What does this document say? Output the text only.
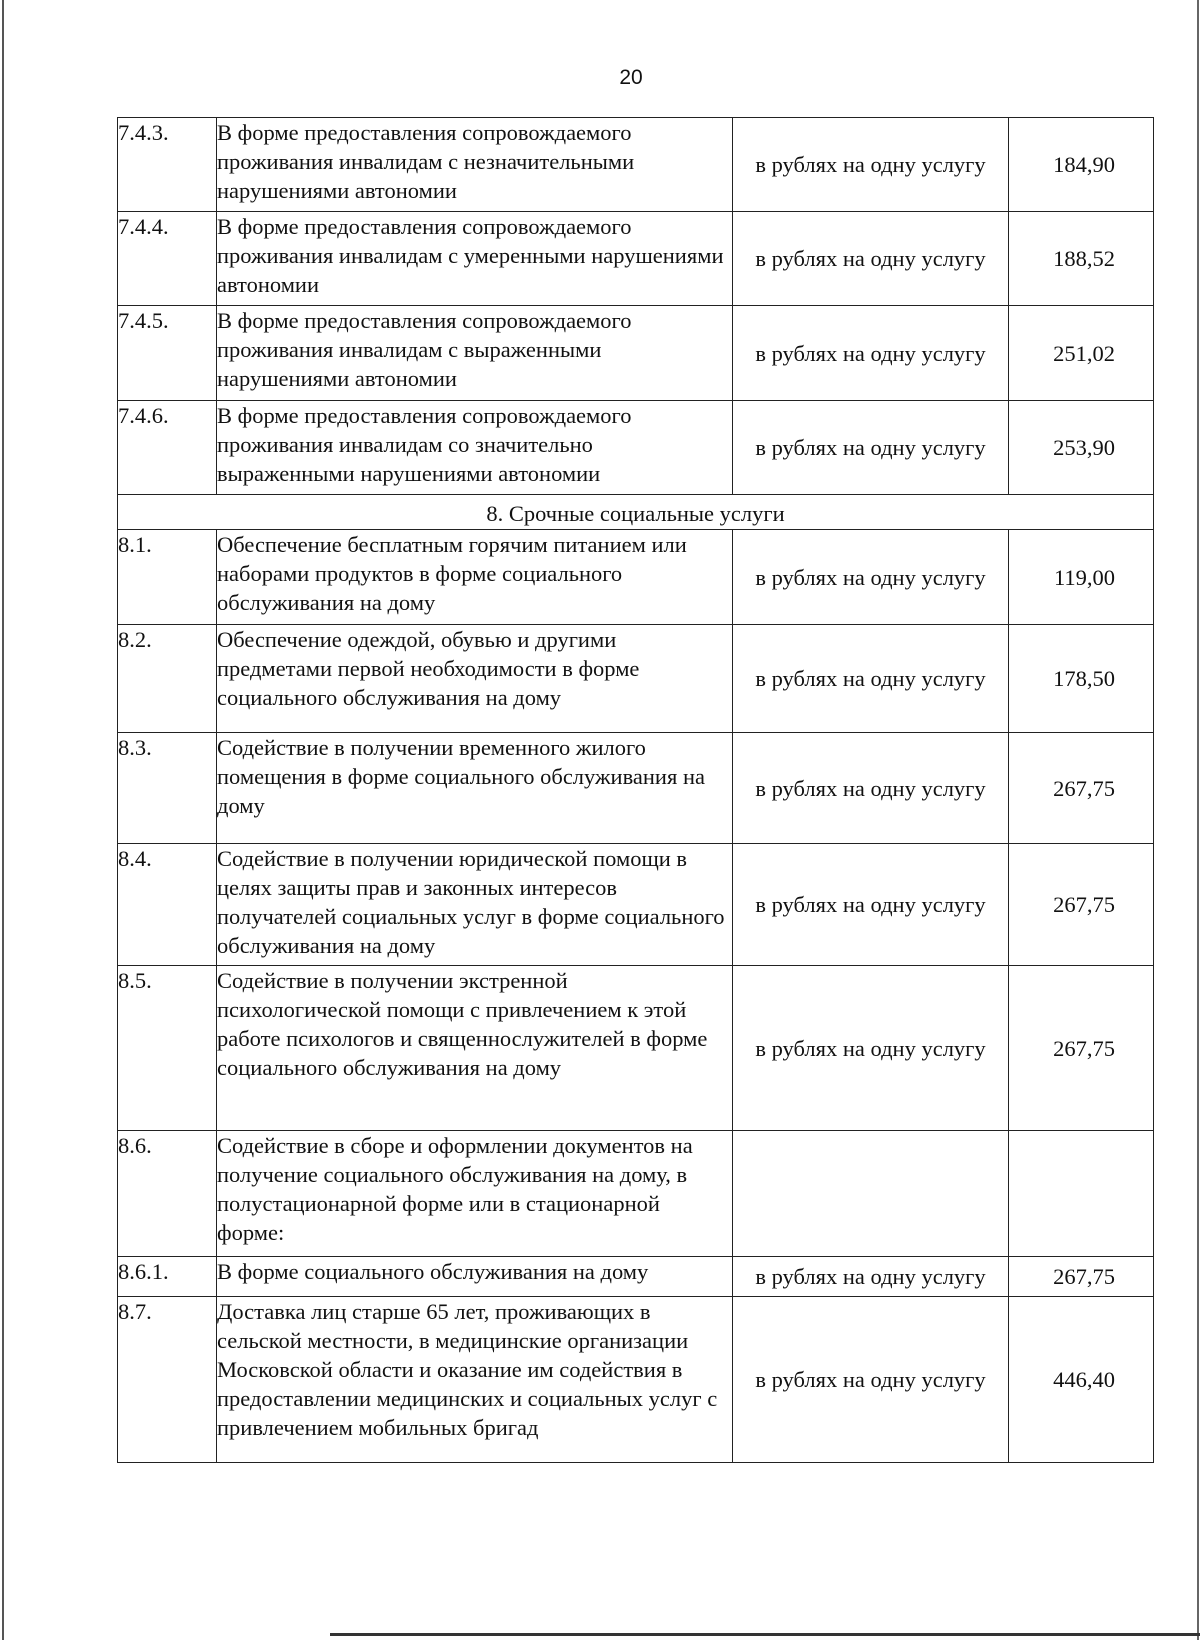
20
7.4.3.	В форме предоставления сопровождаемого проживания инвалидам с незначительными нарушениями автономии	в рублях на одну услугу	184,90
7.4.4.	В форме предоставления сопровождаемого проживания инвалидам с умеренными нарушениями автономии	в рублях на одну услугу	188,52
7.4.5.	В форме предоставления сопровождаемого проживания инвалидам с выраженными нарушениями автономии	в рублях на одну услугу	251,02
7.4.6.	В форме предоставления сопровождаемого проживания инвалидам со значительно выраженными нарушениями автономии	в рублях на одну услугу	253,90
8. Срочные социальные услуги			
8.1.	Обеспечение бесплатным горячим питанием или наборами продуктов в форме социального обслуживания на дому	в рублях на одну услугу	119,00
8.2.	Обеспечение одеждой, обувью и другими предметами первой необходимости в форме социального обслуживания на дому	в рублях на одну услугу	178,50
8.3.	Содействие в получении временного жилого помещения в форме социального обслуживания на дому	в рублях на одну услугу	267,75
8.4.	Содействие в получении юридической помощи в целях защиты прав и законных интересов получателей социальных услуг в форме социального обслуживания на дому	в рублях на одну услугу	267,75
8.5.	Содействие в получении экстренной психологической помощи с привлечением к этой работе психологов и священнослужителей в форме социального обслуживания на дому	в рублях на одну услугу	267,75
8.6.	Содействие в сборе и оформлении документов на получение социального обслуживания на дому, в полустационарной форме или в стационарной форме:		
8.6.1.	В форме социального обслуживания на дому	в рублях на одну услугу	267,75
8.7.	Доставка лиц старше 65 лет, проживающих в сельской местности, в медицинские организации Московской области и оказание им содействия в предоставлении медицинских и социальных услуг с привлечением мобильных бригад	в рублях на одну услугу	446,40
